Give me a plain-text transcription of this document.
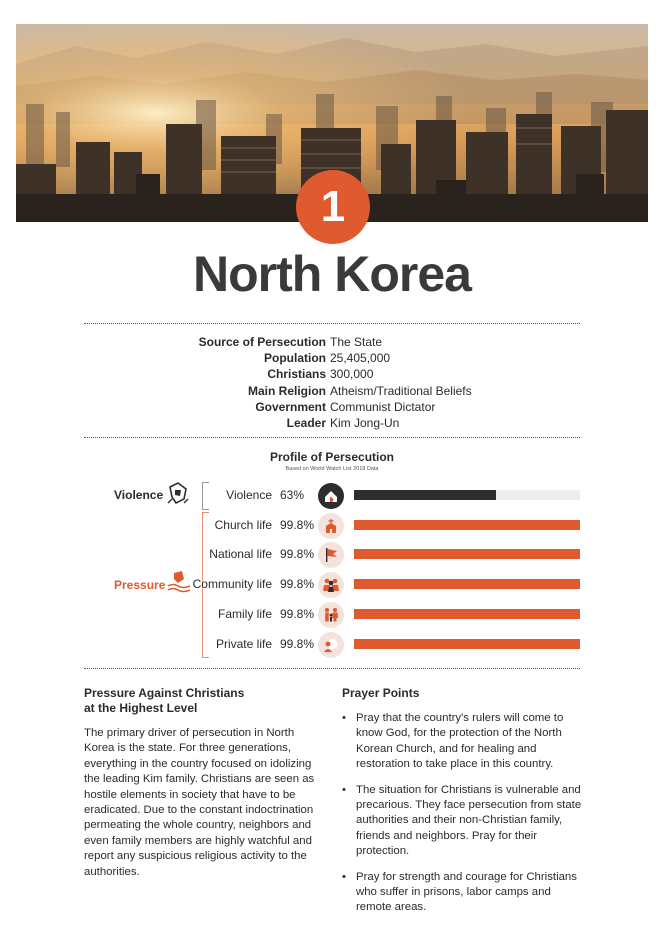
1
North Korea
Source of Persecution The State
Population 25,405,000
Christians 300,000
Main Religion Atheism/Traditional Beliefs
Government Communist Dictator
Leader Kim Jong-Un
Profile of Persecution
Based on World Watch List 2018 Data
Violence
Pressure
Violence 63%
Church life 99.8%
National life 99.8%
Community life 99.8%
Family life 99.8%
Private life 99.8%
Pressure Against Christians
at the Highest Level

The primary driver of persecution in North Korea is the state. For three generations, everything in the country focused on idolizing the leading Kim family. Christians are seen as hostile elements in society that have to be eradicated. Due to the constant indoctrination permeating the whole country, neighbors and even family members are highly watchful and report any suspicious religious activity to the authorities.

Prayer Points
• Pray that the country's rulers will come to know God, for the protection of the North Korean Church, and for healing and restoration to take place in this country.
• The situation for Christians is vulnerable and precarious. They face persecution from state authorities and their non-Christian family, friends and neighbors. Pray for their protection.
• Pray for strength and courage for Christians who suffer in prisons, labor camps and remote areas.
